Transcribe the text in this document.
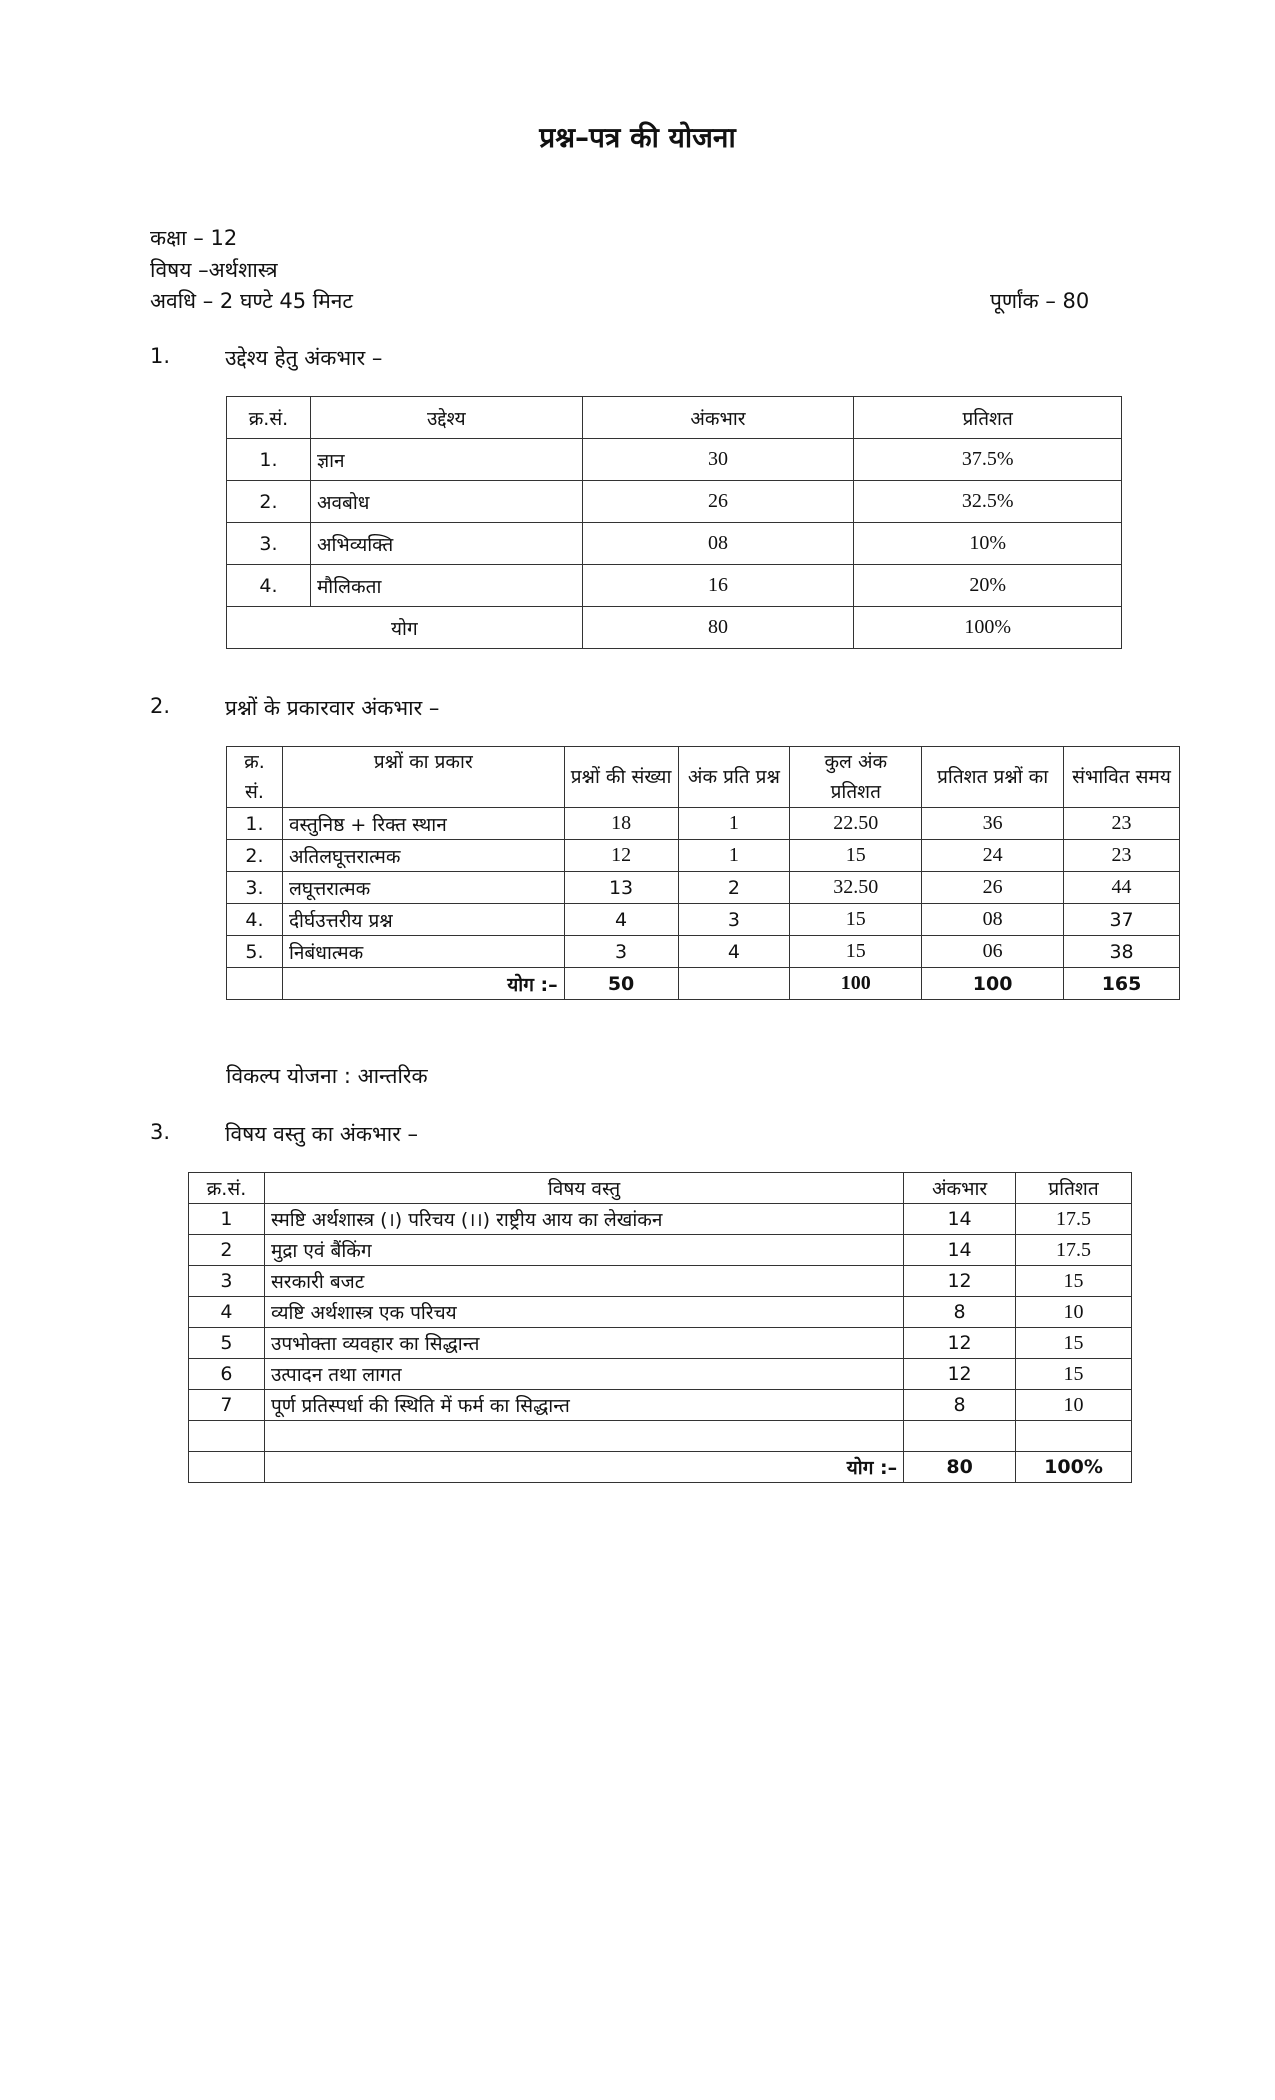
प्रश्न–पत्र की योजना
कक्षा – 12
विषय –अर्थशास्त्र
अवधि – 2 घण्टे 45 मिनट	पूर्णांक – 80
1.	उद्देश्य हेतु अंकभार –
क्र.सं.	उद्देश्य	अंकभार	प्रतिशत
1.	ज्ञान	30	37.5%
2.	अवबोध	26	32.5%
3.	अभिव्यक्ति	08	10%
4.	मौलिकता	16	20%
योग		80	100%
2.	प्रश्नों के प्रकारवार अंकभार –
क्र. सं.	प्रश्नों का प्रकार	प्रश्नों की संख्या	अंक प्रति प्रश्न	कुल अंक प्रतिशत	प्रतिशत प्रश्नों का	संभावित समय
1.	वस्तुनिष्ठ + रिक्त स्थान	18	1	22.50	36	23
2.	अतिलघूत्तरात्मक	12	1	15	24	23
3.	लघूत्तरात्मक	13	2	32.50	26	44
4.	दीर्घउत्तरीय प्रश्न	4	3	15	08	37
5.	निबंधात्मक	3	4	15	06	38
	योग :–	50		100	100	165
विकल्प योजना : आन्तरिक
3.	विषय वस्तु का अंकभार –
क्र.सं.	विषय वस्तु	अंकभार	प्रतिशत
1	स्मष्टि अर्थशास्त्र (।) परिचय (।।) राष्ट्रीय आय का लेखांकन	14	17.5
2	मुद्रा एवं बैंकिंग	14	17.5
3	सरकारी बजट	12	15
4	व्यष्टि अर्थशास्त्र एक परिचय	8	10
5	उपभोक्ता व्यवहार का सिद्धान्त	12	15
6	उत्पादन तथा लागत	12	15
7	पूर्ण प्रतिस्पर्धा की स्थिति में फर्म का सिद्धान्त	8	10

	योग :–	80	100%
